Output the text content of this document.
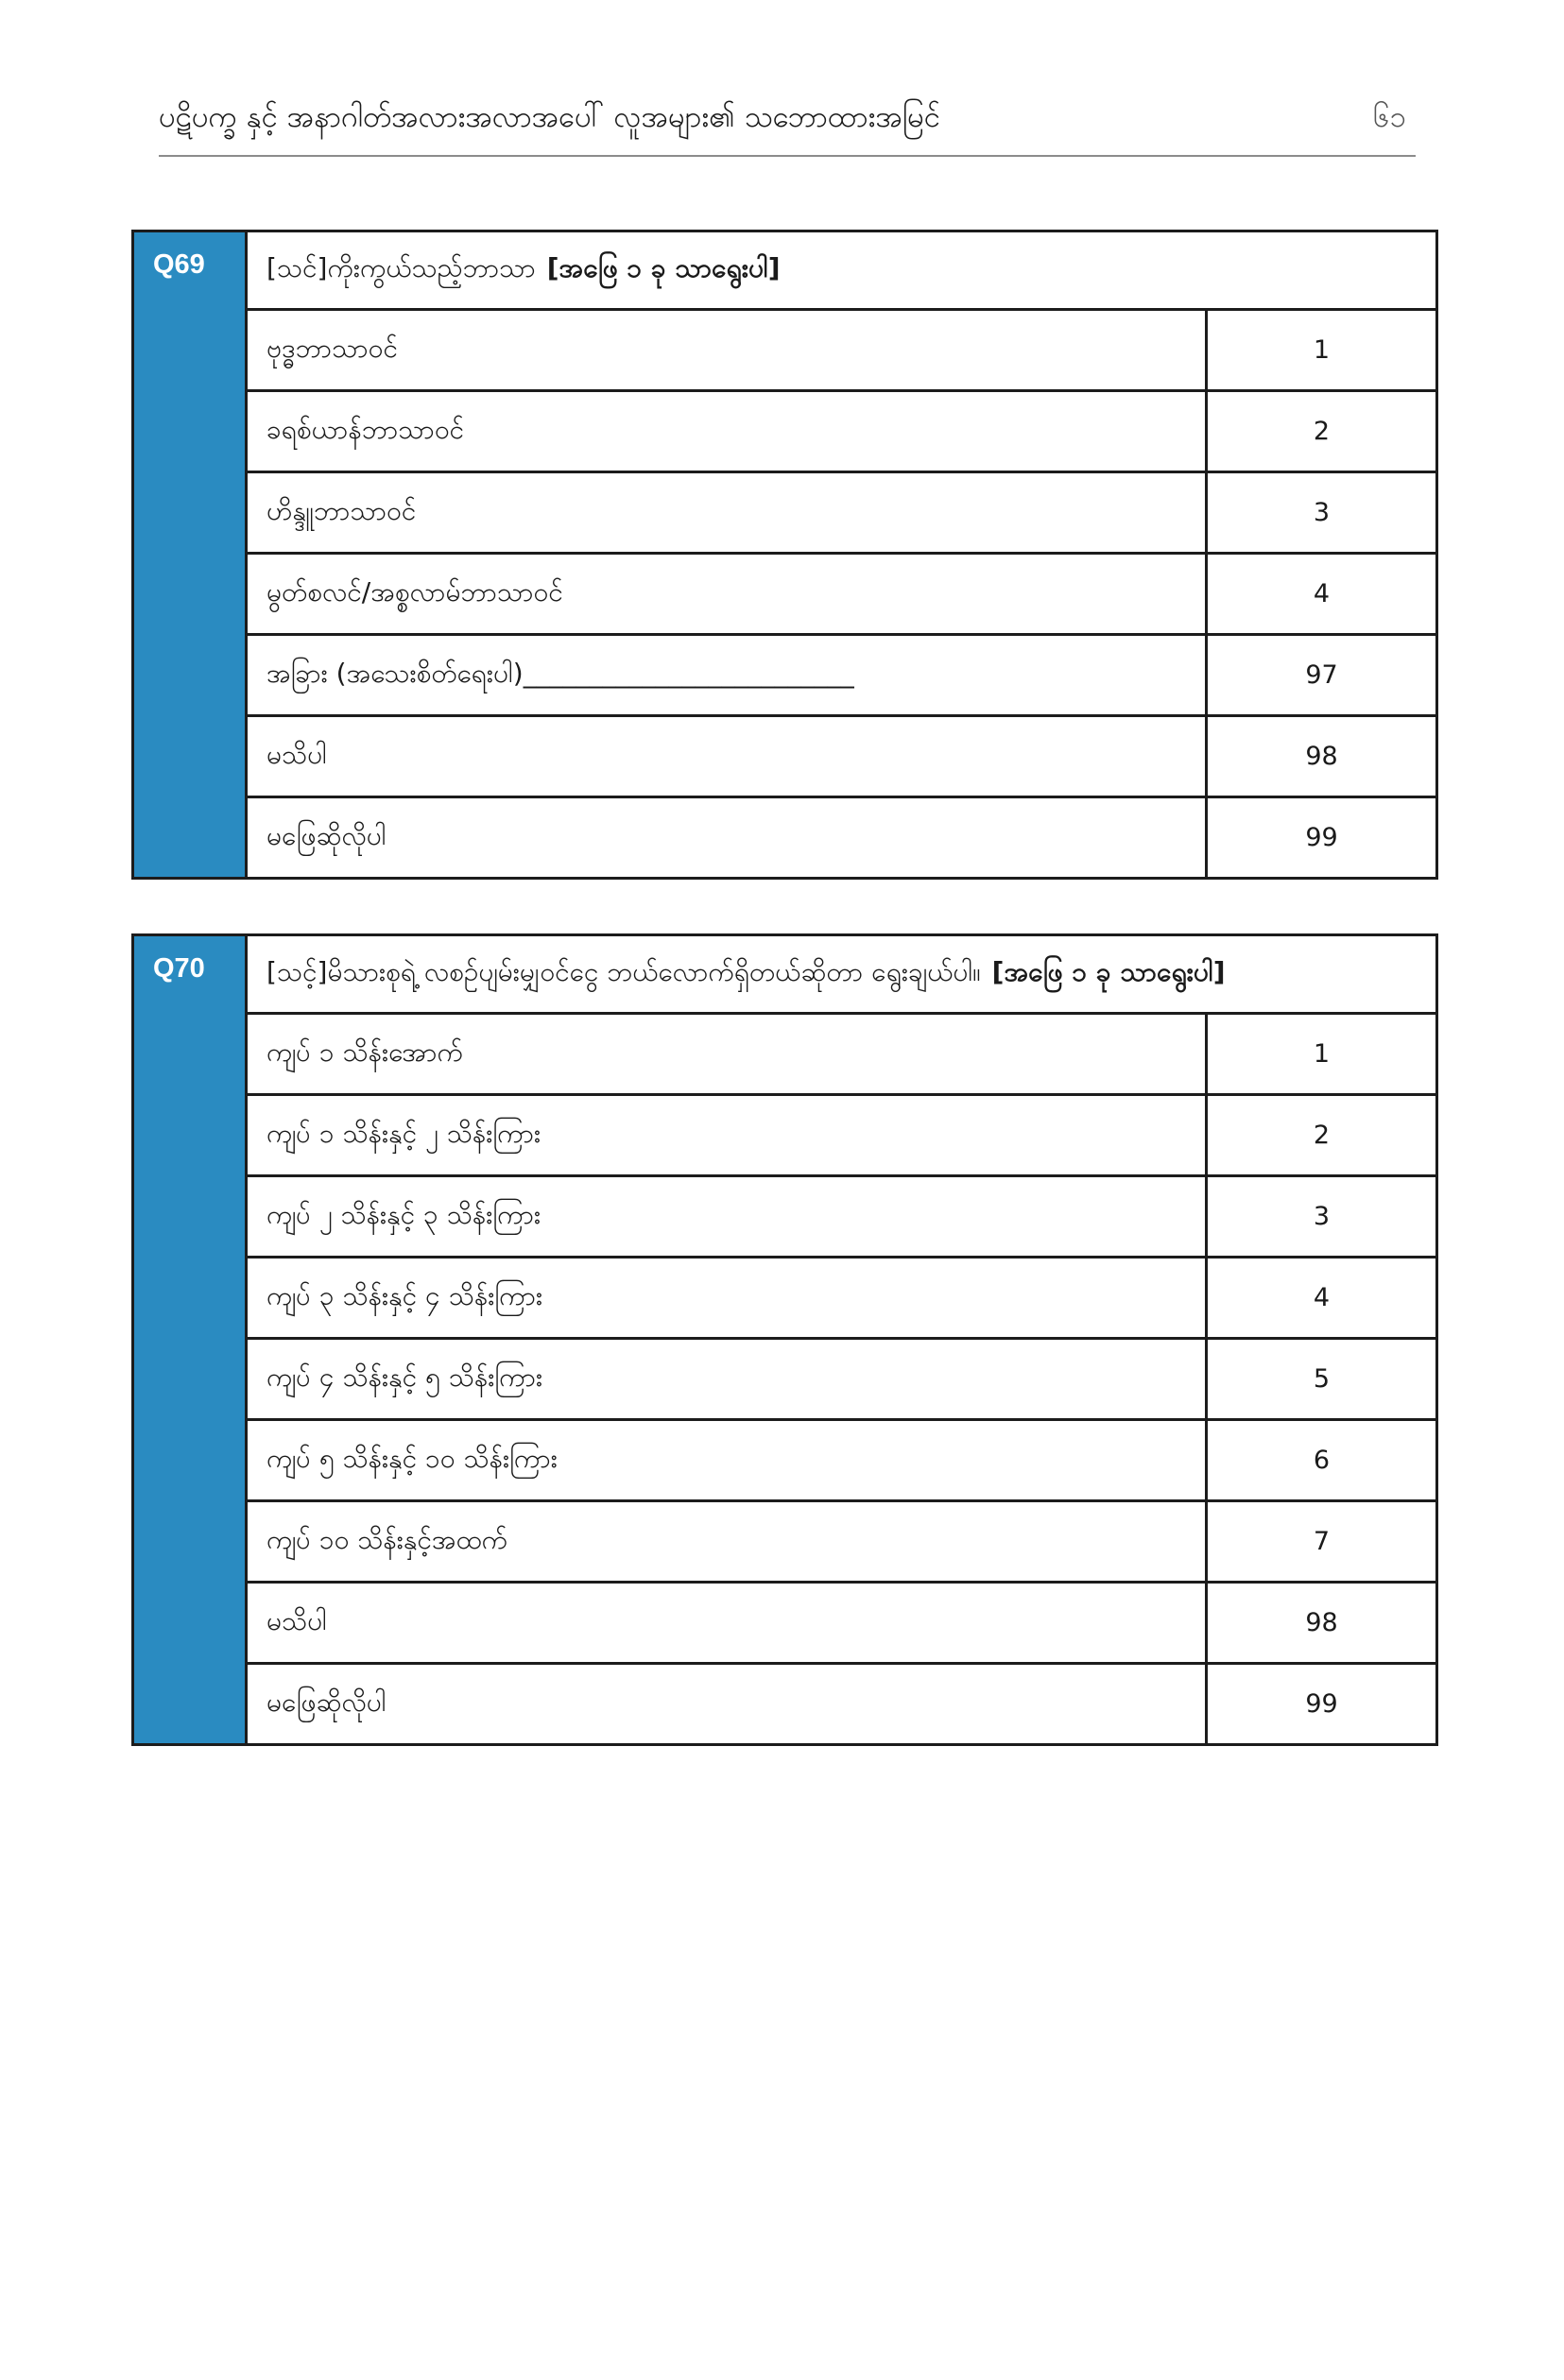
ပဋိပက္ခ နှင့် အနာဂါတ်အလားအလာအပေါ် လူအများ၏ သဘောထားအမြင်	၆၁
Q69	[သင်]ကိုးကွယ်သည့်ဘာသာ [အဖြေ ၁ ခု သာရွေးပါ]
ဗုဒ္ဓဘာသာဝင်	1
ခရစ်ယာန်ဘာသာဝင်	2
ဟိန္ဒူဘာသာဝင်	3
မွတ်စလင်/အစ္စလာမ်ဘာသာဝင်	4
အခြား (အသေးစိတ်ရေးပါ)_________________________	97
မသိပါ	98
မဖြေဆိုလိုပါ	99
Q70	[သင့်]မိသားစုရဲ့ လစဉ်ပျမ်းမျှဝင်ငွေ ဘယ်လောက်ရှိတယ်ဆိုတာ ရွေးချယ်ပါ။ [အဖြေ ၁ ခု သာရွေးပါ]
ကျပ် ၁ သိန်းအောက်	1
ကျပ် ၁ သိန်းနှင့် ၂ သိန်းကြား	2
ကျပ် ၂ သိန်းနှင့် ၃ သိန်းကြား	3
ကျပ် ၃ သိန်းနှင့် ၄ သိန်းကြား	4
ကျပ် ၄ သိန်းနှင့် ၅ သိန်းကြား	5
ကျပ် ၅ သိန်းနှင့် ၁၀ သိန်းကြား	6
ကျပ် ၁၀ သိန်းနှင့်အထက်	7
မသိပါ	98
မဖြေဆိုလိုပါ	99
